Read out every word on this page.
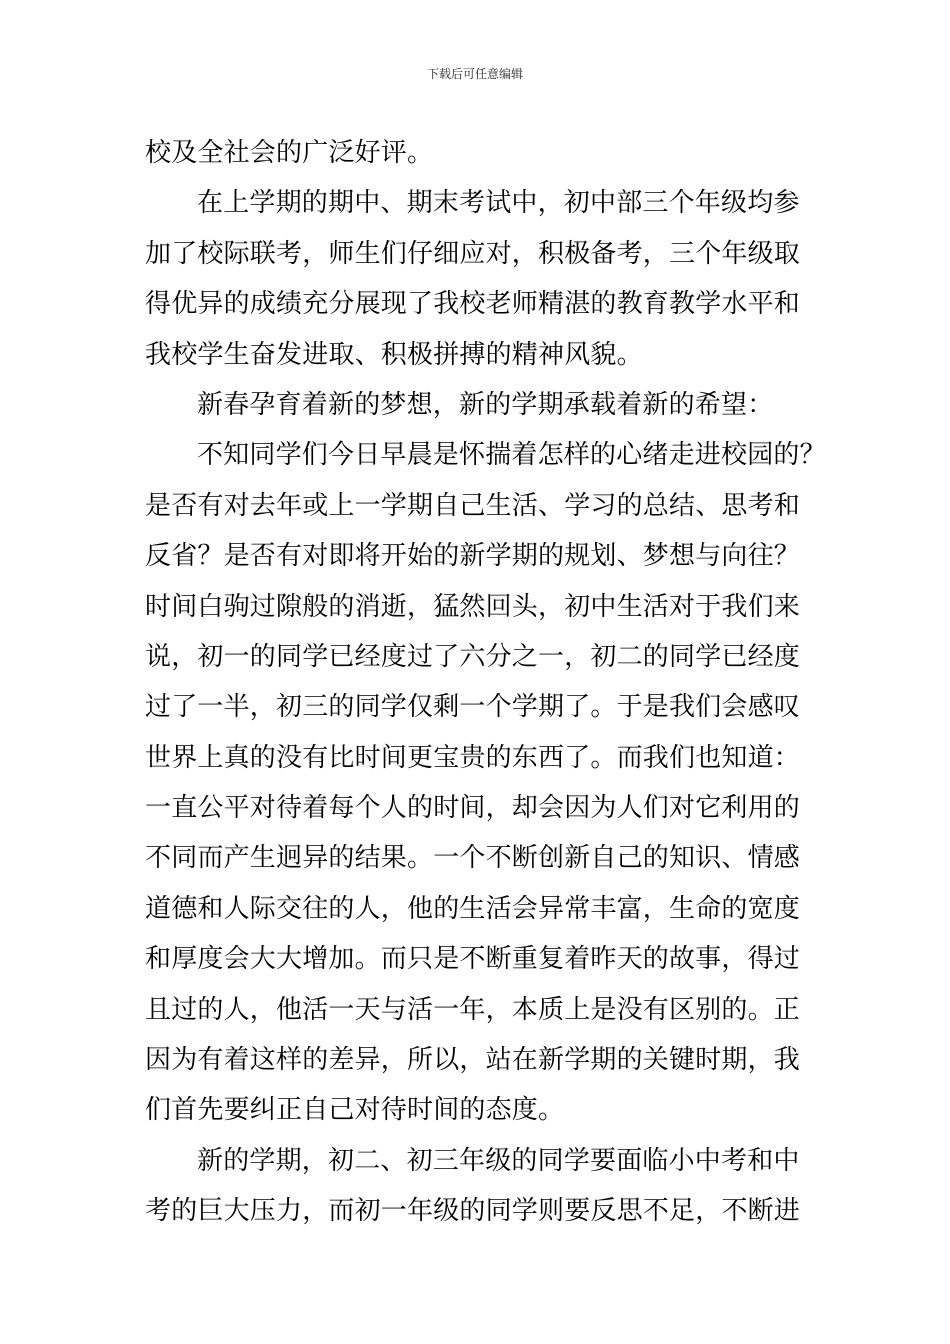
下载后可任意编辑
校及全社会的广泛好评。
在上学期的期中、期末考试中，初中部三个年级均参
加了校际联考，师生们仔细应对，积极备考，三个年级取
得优异的成绩充分展现了我校老师精湛的教育教学水平和
我校学生奋发进取、积极拼搏的精神风貌。
新春孕育着新的梦想，新的学期承载着新的希望：
不知同学们今日早晨是怀揣着怎样的心绪走进校园的？
是否有对去年或上一学期自己生活、学习的总结、思考和
反省？是否有对即将开始的新学期的规划、梦想与向往？
时间白驹过隙般的消逝，猛然回头，初中生活对于我们来
说，初一的同学已经度过了六分之一，初二的同学已经度
过了一半，初三的同学仅剩一个学期了。于是我们会感叹
世界上真的没有比时间更宝贵的东西了。而我们也知道：
一直公平对待着每个人的时间，却会因为人们对它利用的
不同而产生迥异的结果。一个不断创新自己的知识、情感
道德和人际交往的人，他的生活会异常丰富，生命的宽度
和厚度会大大增加。而只是不断重复着昨天的故事，得过
且过的人，他活一天与活一年，本质上是没有区别的。正
因为有着这样的差异，所以，站在新学期的关键时期，我
们首先要纠正自己对待时间的态度。
新的学期，初二、初三年级的同学要面临小中考和中
考的巨大压力，而初一年级的同学则要反思不足，不断进
